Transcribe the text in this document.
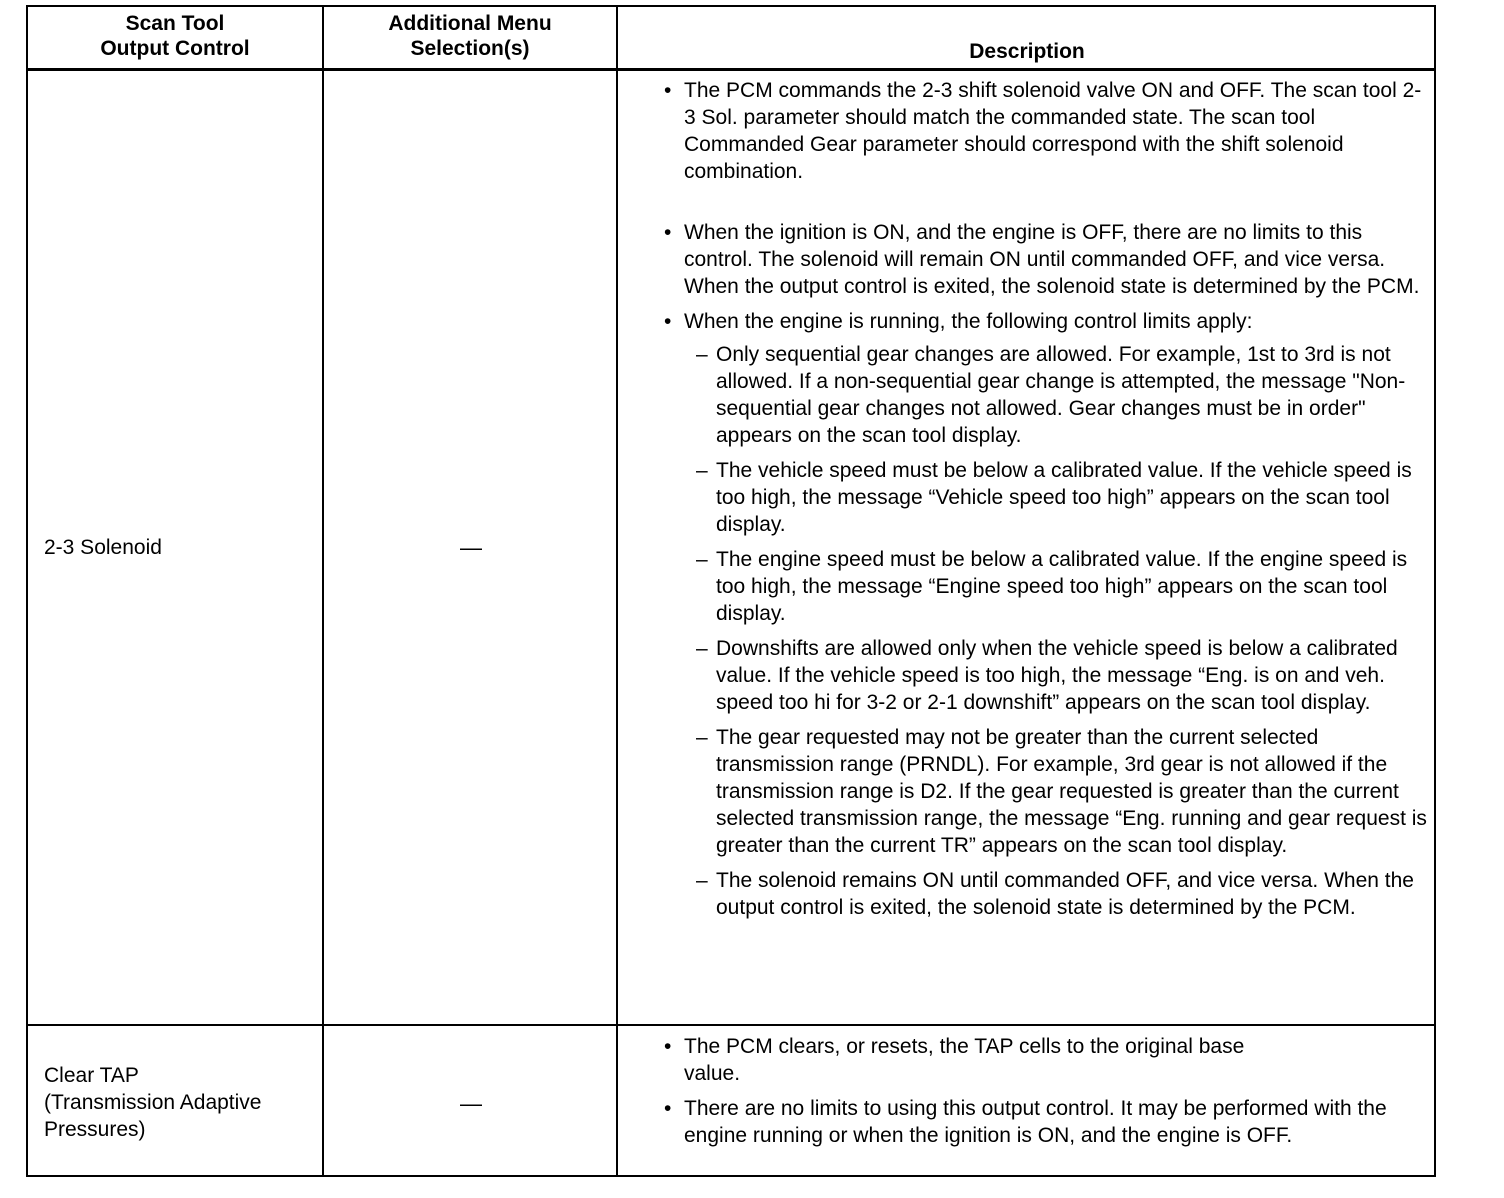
Scan Tool
Output Control
Additional Menu
Selection(s)	Description
2-3 Solenoid	—
• The PCM commands the 2-3 shift solenoid valve ON and OFF. The scan tool 2-3 Sol. parameter should match the commanded state. The scan tool Commanded Gear parameter should correspond with the shift solenoid combination.
• When the ignition is ON, and the engine is OFF, there are no limits to this control. The solenoid will remain ON until commanded OFF, and vice versa. When the output control is exited, the solenoid state is determined by the PCM.
• When the engine is running, the following control limits apply:
– Only sequential gear changes are allowed. For example, 1st to 3rd is not allowed. If a non-sequential gear change is attempted, the message "Non-sequential gear changes not allowed. Gear changes must be in order" appears on the scan tool display.
– The vehicle speed must be below a calibrated value. If the vehicle speed is too high, the message “Vehicle speed too high” appears on the scan tool display.
– The engine speed must be below a calibrated value. If the engine speed is too high, the message “Engine speed too high” appears on the scan tool display.
– Downshifts are allowed only when the vehicle speed is below a calibrated value. If the vehicle speed is too high, the message “Eng. is on and veh. speed too hi for 3-2 or 2-1 downshift” appears on the scan tool display.
– The gear requested may not be greater than the current selected transmission range (PRNDL). For example, 3rd gear is not allowed if the transmission range is D2. If the gear requested is greater than the current selected transmission range, the message “Eng. running and gear request is greater than the current TR” appears on the scan tool display.
– The solenoid remains ON until commanded OFF, and vice versa. When the output control is exited, the solenoid state is determined by the PCM.
Clear TAP
(Transmission Adaptive
Pressures)
—
• The PCM clears, or resets, the TAP cells to the original base value.
• There are no limits to using this output control. It may be performed with the engine running or when the ignition is ON, and the engine is OFF.
